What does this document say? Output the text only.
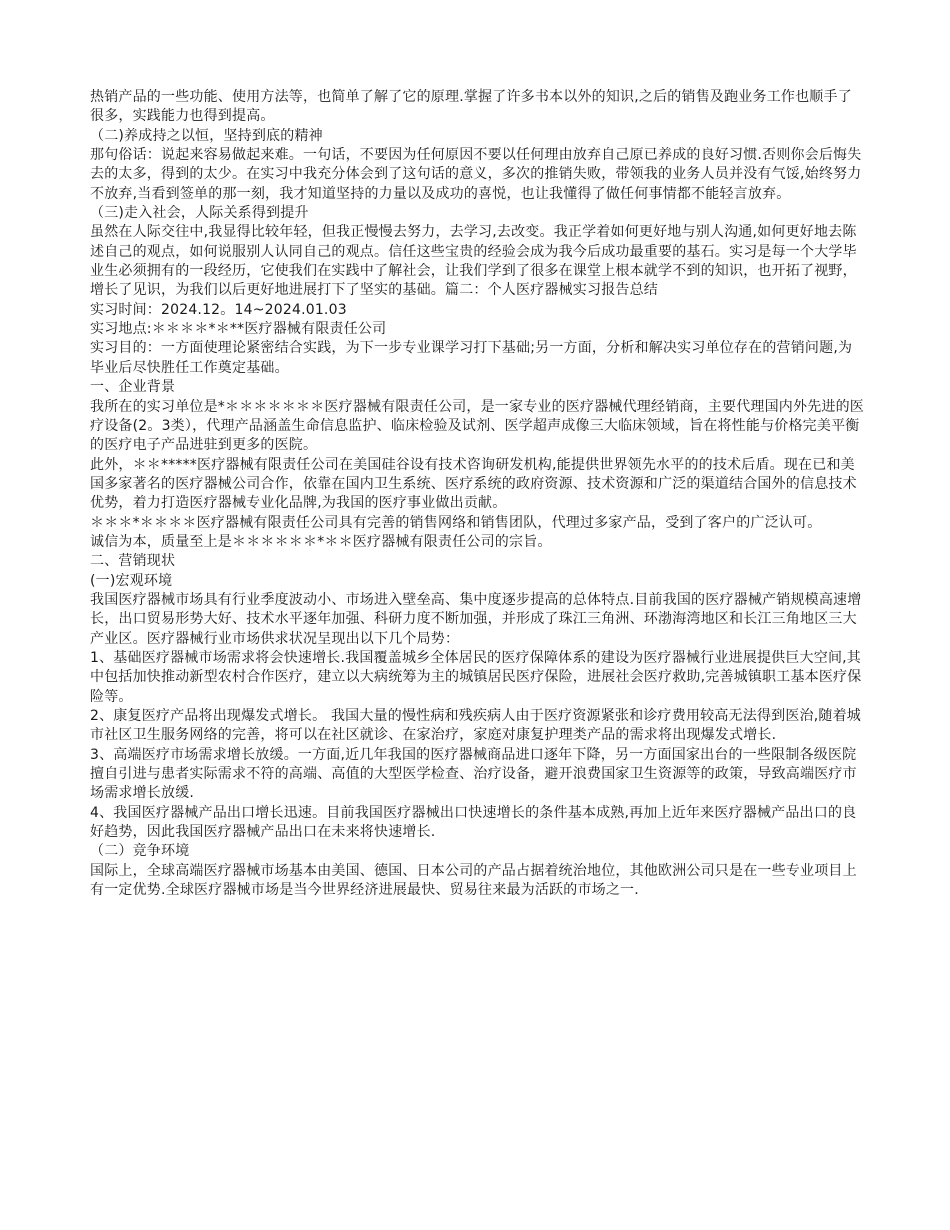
热销产品的一些功能、使用方法等，也简单了解了它的原理.掌握了许多书本以外的知识,之后的销售及跑业务工作也顺手了很多，实践能力也得到提高。

（二)养成持之以恒，坚持到底的精神

那句俗话：说起来容易做起来难。一句话，不要因为任何原因不要以任何理由放弃自己原已养成的良好习惯.否则你会后悔失去的太多，得到的太少。在实习中我充分体会到了这句话的意义，多次的推销失败，带领我的业务人员并没有气馁,始终努力不放弃,当看到签单的那一刻，我才知道坚持的力量以及成功的喜悦，也让我懂得了做任何事情都不能轻言放弃。

（三)走入社会，人际关系得到提升

虽然在人际交往中,我显得比较年轻，但我正慢慢去努力，去学习,去改变。我正学着如何更好地与别人沟通,如何更好地去陈述自己的观点，如何说服别人认同自己的观点。信任这些宝贵的经验会成为我今后成功最重要的基石。实习是每一个大学毕业生必须拥有的一段经历，它使我们在实践中了解社会，让我们学到了很多在课堂上根本就学不到的知识，也开拓了视野，增长了见识，为我们以后更好地进展打下了坚实的基础。篇二：个人医疗器械实习报告总结

实习时间：2024.12。14~2024.01.03

实习地点:＊＊＊＊*＊**医疗器械有限责任公司

实习目的：一方面使理论紧密结合实践，为下一步专业课学习打下基础;另一方面，分析和解决实习单位存在的营销问题,为毕业后尽快胜任工作奠定基础。

一、企业背景

我所在的实习单位是*＊＊＊＊＊＊＊医疗器械有限责任公司，是一家专业的医疗器械代理经销商，主要代理国内外先进的医疗设备(2。3类），代理产品涵盖生命信息监护、临床检验及试剂、医学超声成像三大临床领域，旨在将性能与价格完美平衡的医疗电子产品进驻到更多的医院。

此外，＊＊*****医疗器械有限责任公司在美国硅谷设有技术咨询研发机构,能提供世界领先水平的的技术后盾。现在已和美国多家著名的医疗器械公司合作，依靠在国内卫生系统、医疗系统的政府资源、技术资源和广泛的渠道结合国外的信息技术优势，着力打造医疗器械专业化品牌,为我国的医疗事业做出贡献。

＊＊＊*＊＊＊＊医疗器械有限责任公司具有完善的销售网络和销售团队，代理过多家产品，受到了客户的广泛认可。

诚信为本，质量至上是＊＊＊＊＊＊*＊＊医疗器械有限责任公司的宗旨。

二、营销现状

(一)宏观环境

我国医疗器械市场具有行业季度波动小、市场进入壁垒高、集中度逐步提高的总体特点.目前我国的医疗器械产销规模高速增长，出口贸易形势大好、技术水平逐年加强、科研力度不断加强，并形成了珠江三角洲、环渤海湾地区和长江三角地区三大产业区。医疗器械行业市场供求状况呈现出以下几个局势：

1、基础医疗器械市场需求将会快速增长.我国覆盖城乡全体居民的医疗保障体系的建设为医疗器械行业进展提供巨大空间,其中包括加快推动新型农村合作医疗，建立以大病统筹为主的城镇居民医疗保险，进展社会医疗救助,完善城镇职工基本医疗保险等。

2、康复医疗产品将出现爆发式增长。 我国大量的慢性病和残疾病人由于医疗资源紧张和诊疗费用较高无法得到医治,随着城市社区卫生服务网络的完善，将可以在社区就诊、在家治疗，家庭对康复护理类产品的需求将出现爆发式增长.

3、高端医疗市场需求增长放缓。一方面,近几年我国的医疗器械商品进口逐年下降，另一方面国家出台的一些限制各级医院擅自引进与患者实际需求不符的高端、高值的大型医学检查、治疗设备，避开浪费国家卫生资源等的政策，导致高端医疗市场需求增长放缓.

4、我国医疗器械产品出口增长迅速。目前我国医疗器械出口快速增长的条件基本成熟,再加上近年来医疗器械产品出口的良好趋势，因此我国医疗器械产品出口在未来将快速增长.

（二）竞争环境

国际上，全球高端医疗器械市场基本由美国、德国、日本公司的产品占据着统治地位，其他欧洲公司只是在一些专业项目上有一定优势.全球医疗器械市场是当今世界经济进展最快、贸易往来最为活跃的市场之一.
